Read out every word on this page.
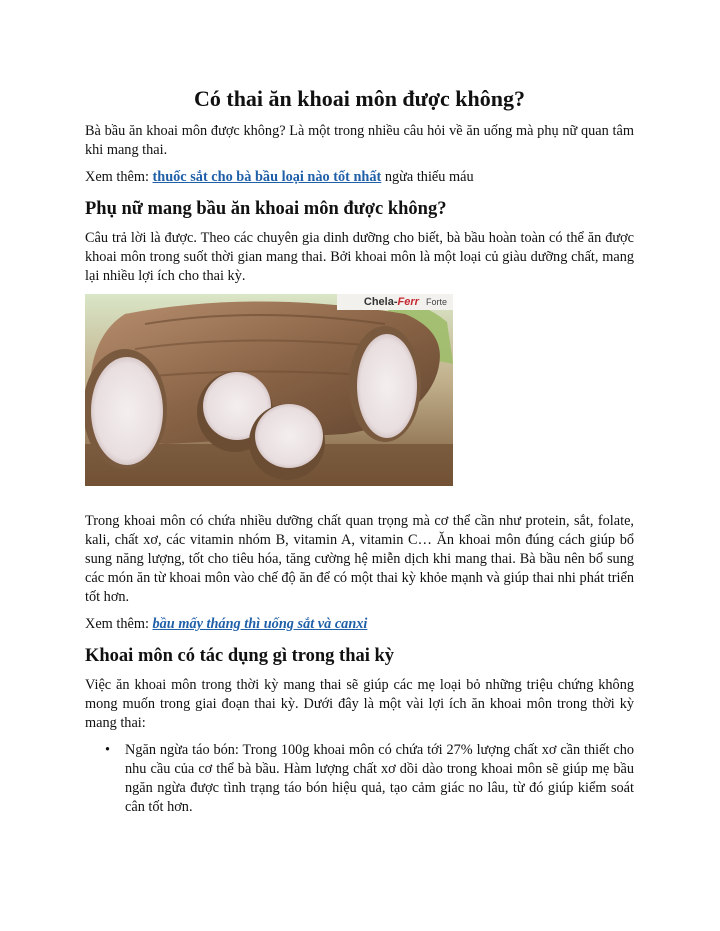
Có thai ăn khoai môn được không?

Bà bầu ăn khoai môn được không? Là một trong nhiều câu hỏi về ăn uống mà phụ nữ quan tâm khi mang thai.

Xem thêm: thuốc sắt cho bà bầu loại nào tốt nhất ngừa thiếu máu

Phụ nữ mang bầu ăn khoai môn được không?

Câu trả lời là được. Theo các chuyên gia dinh dưỡng cho biết, bà bầu hoàn toàn có thể ăn được khoai môn trong suốt thời gian mang thai. Bởi khoai môn là một loại củ giàu dưỡng chất, mang lại nhiều lợi ích cho thai kỳ.

Chela-Ferr Forte

Trong khoai môn có chứa nhiều dưỡng chất quan trọng mà cơ thể cần như protein, sắt, folate, kali, chất xơ, các vitamin nhóm B, vitamin A, vitamin C… Ăn khoai môn đúng cách giúp bổ sung năng lượng, tốt cho tiêu hóa, tăng cường hệ miễn dịch khi mang thai. Bà bầu nên bổ sung các món ăn từ khoai môn vào chế độ ăn để có một thai kỳ khỏe mạnh và giúp thai nhi phát triển tốt hơn.

Xem thêm: bầu mấy tháng thì uống sắt và canxi

Khoai môn có tác dụng gì trong thai kỳ

Việc ăn khoai môn trong thời kỳ mang thai sẽ giúp các mẹ loại bỏ những triệu chứng không mong muốn trong giai đoạn thai kỳ. Dưới đây là một vài lợi ích ăn khoai môn trong thời kỳ mang thai:

• Ngăn ngừa táo bón: Trong 100g khoai môn có chứa tới 27% lượng chất xơ cần thiết cho nhu cầu của cơ thể bà bầu. Hàm lượng chất xơ dồi dào trong khoai môn sẽ giúp mẹ bầu ngăn ngừa được tình trạng táo bón hiệu quả, tạo cảm giác no lâu, từ đó giúp kiểm soát cân tốt hơn.
